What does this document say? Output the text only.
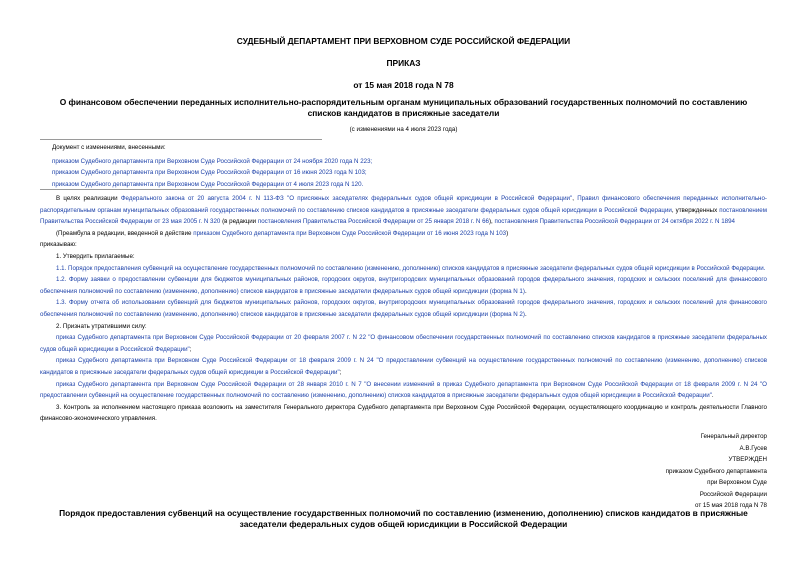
СУДЕБНЫЙ ДЕПАРТАМЕНТ ПРИ ВЕРХОВНОМ СУДЕ РОССИЙСКОЙ ФЕДЕРАЦИИ
ПРИКАЗ
от 15 мая 2018 года N 78
О финансовом обеспечении переданных исполнительно-распорядительным органам муниципальных образований государственных полномочий по составлению
списков кандидатов в присяжные заседатели
(с изменениями на 4 июля 2023 года)
Документ с изменениями, внесенными:
приказом Судебного департамента при Верховном Суде Российской Федерации от 24 ноября 2020 года N 223;
приказом Судебного департамента при Верховном Суде Российской Федерации от 16 июня 2023 года N 103;
приказом Судебного департамента при Верховном Суде Российской Федерации от 4 июля 2023 года N 120.

В целях реализации Федерального закона от 20 августа 2004 г. N 113-ФЗ "О присяжных заседателях федеральных судов общей юрисдикции в Российской Федерации", Правил финансового обеспечения переданных исполнительно-распорядительным органам муниципальных образований государственных полномочий по составлению списков кандидатов в присяжные заседатели федеральных судов общей юрисдикции в Российской Федерации, утвержденных постановлением Правительства Российской Федерации от 23 мая 2005 г. N 320 (в редакции постановления Правительства Российской Федерации от 25 января 2018 г. N 66), постановления Правительства Российской Федерации от 24 октября 2022 г. N 1894

(Преамбула в редакции, введенной в действие приказом Судебного департамента при Верховном Суде Российской Федерации от 16 июня 2023 года N 103)

приказываю:

1. Утвердить прилагаемые:

1.1. Порядок предоставления субвенций на осуществление государственных полномочий по составлению (изменению, дополнению) списков кандидатов в присяжные заседатели федеральных судов общей юрисдикции в Российской Федерации.

1.2. Форму заявки о предоставлении субвенции для бюджетов муниципальных районов, городских округов, внутригородских муниципальных образований городов федерального значения, городских и сельских поселений для финансового обеспечения полномочий по составлению (изменению, дополнению) списков кандидатов в присяжные заседатели федеральных судов общей юрисдикции (форма N 1).

1.3. Форму отчета об использовании субвенций для бюджетов муниципальных районов, городских округов, внутригородских муниципальных образований городов федерального значения, городских и сельских поселений для финансового обеспечения полномочий по составлению (изменению, дополнению) списков кандидатов в присяжные заседатели федеральных судов общей юрисдикции (форма N 2).

2. Признать утратившими силу:

приказ Судебного департамента при Верховном Суде Российской Федерации от 20 февраля 2007 г. N 22 "О финансовом обеспечении государственных полномочий по составлению списков кандидатов в присяжные заседатели федеральных судов общей юрисдикции в Российской Федерации";

приказ Судебного департамента при Верховном Суде Российской Федерации от 18 февраля 2009 г. N 24 "О предоставлении субвенций на осуществление государственных полномочий по составлению (изменению, дополнению) списков кандидатов в присяжные заседатели федеральных судов общей юрисдикции в Российской Федерации";

приказ Судебного департамента при Верховном Суде Российской Федерации от 28 января 2010 г. N 7 "О внесении изменений в приказ Судебного департамента при Верховном Суде Российской Федерации от 18 февраля 2009 г. N 24 "О предоставлении субвенций на осуществление государственных полномочий по составлению (изменению, дополнению) списков кандидатов в присяжные заседатели федеральных судов общей юрисдикции в Российской Федерации".

3. Контроль за исполнением настоящего приказа возложить на заместителя Генерального директора Судебного департамента при Верховном Суде Российской Федерации, осуществляющего координацию и контроль деятельности Главного финансово-экономического управления.

Генеральный директор
А.В.Гусев
УТВЕРЖДЕН
приказом Судебного департамента
при Верховном Суде
Российской Федерации
от 15 мая 2018 года N 78
Порядок предоставления субвенций на осуществление государственных полномочий по составлению (изменению, дополнению) списков кандидатов в присяжные
заседатели федеральных судов общей юрисдикции в Российской Федерации
